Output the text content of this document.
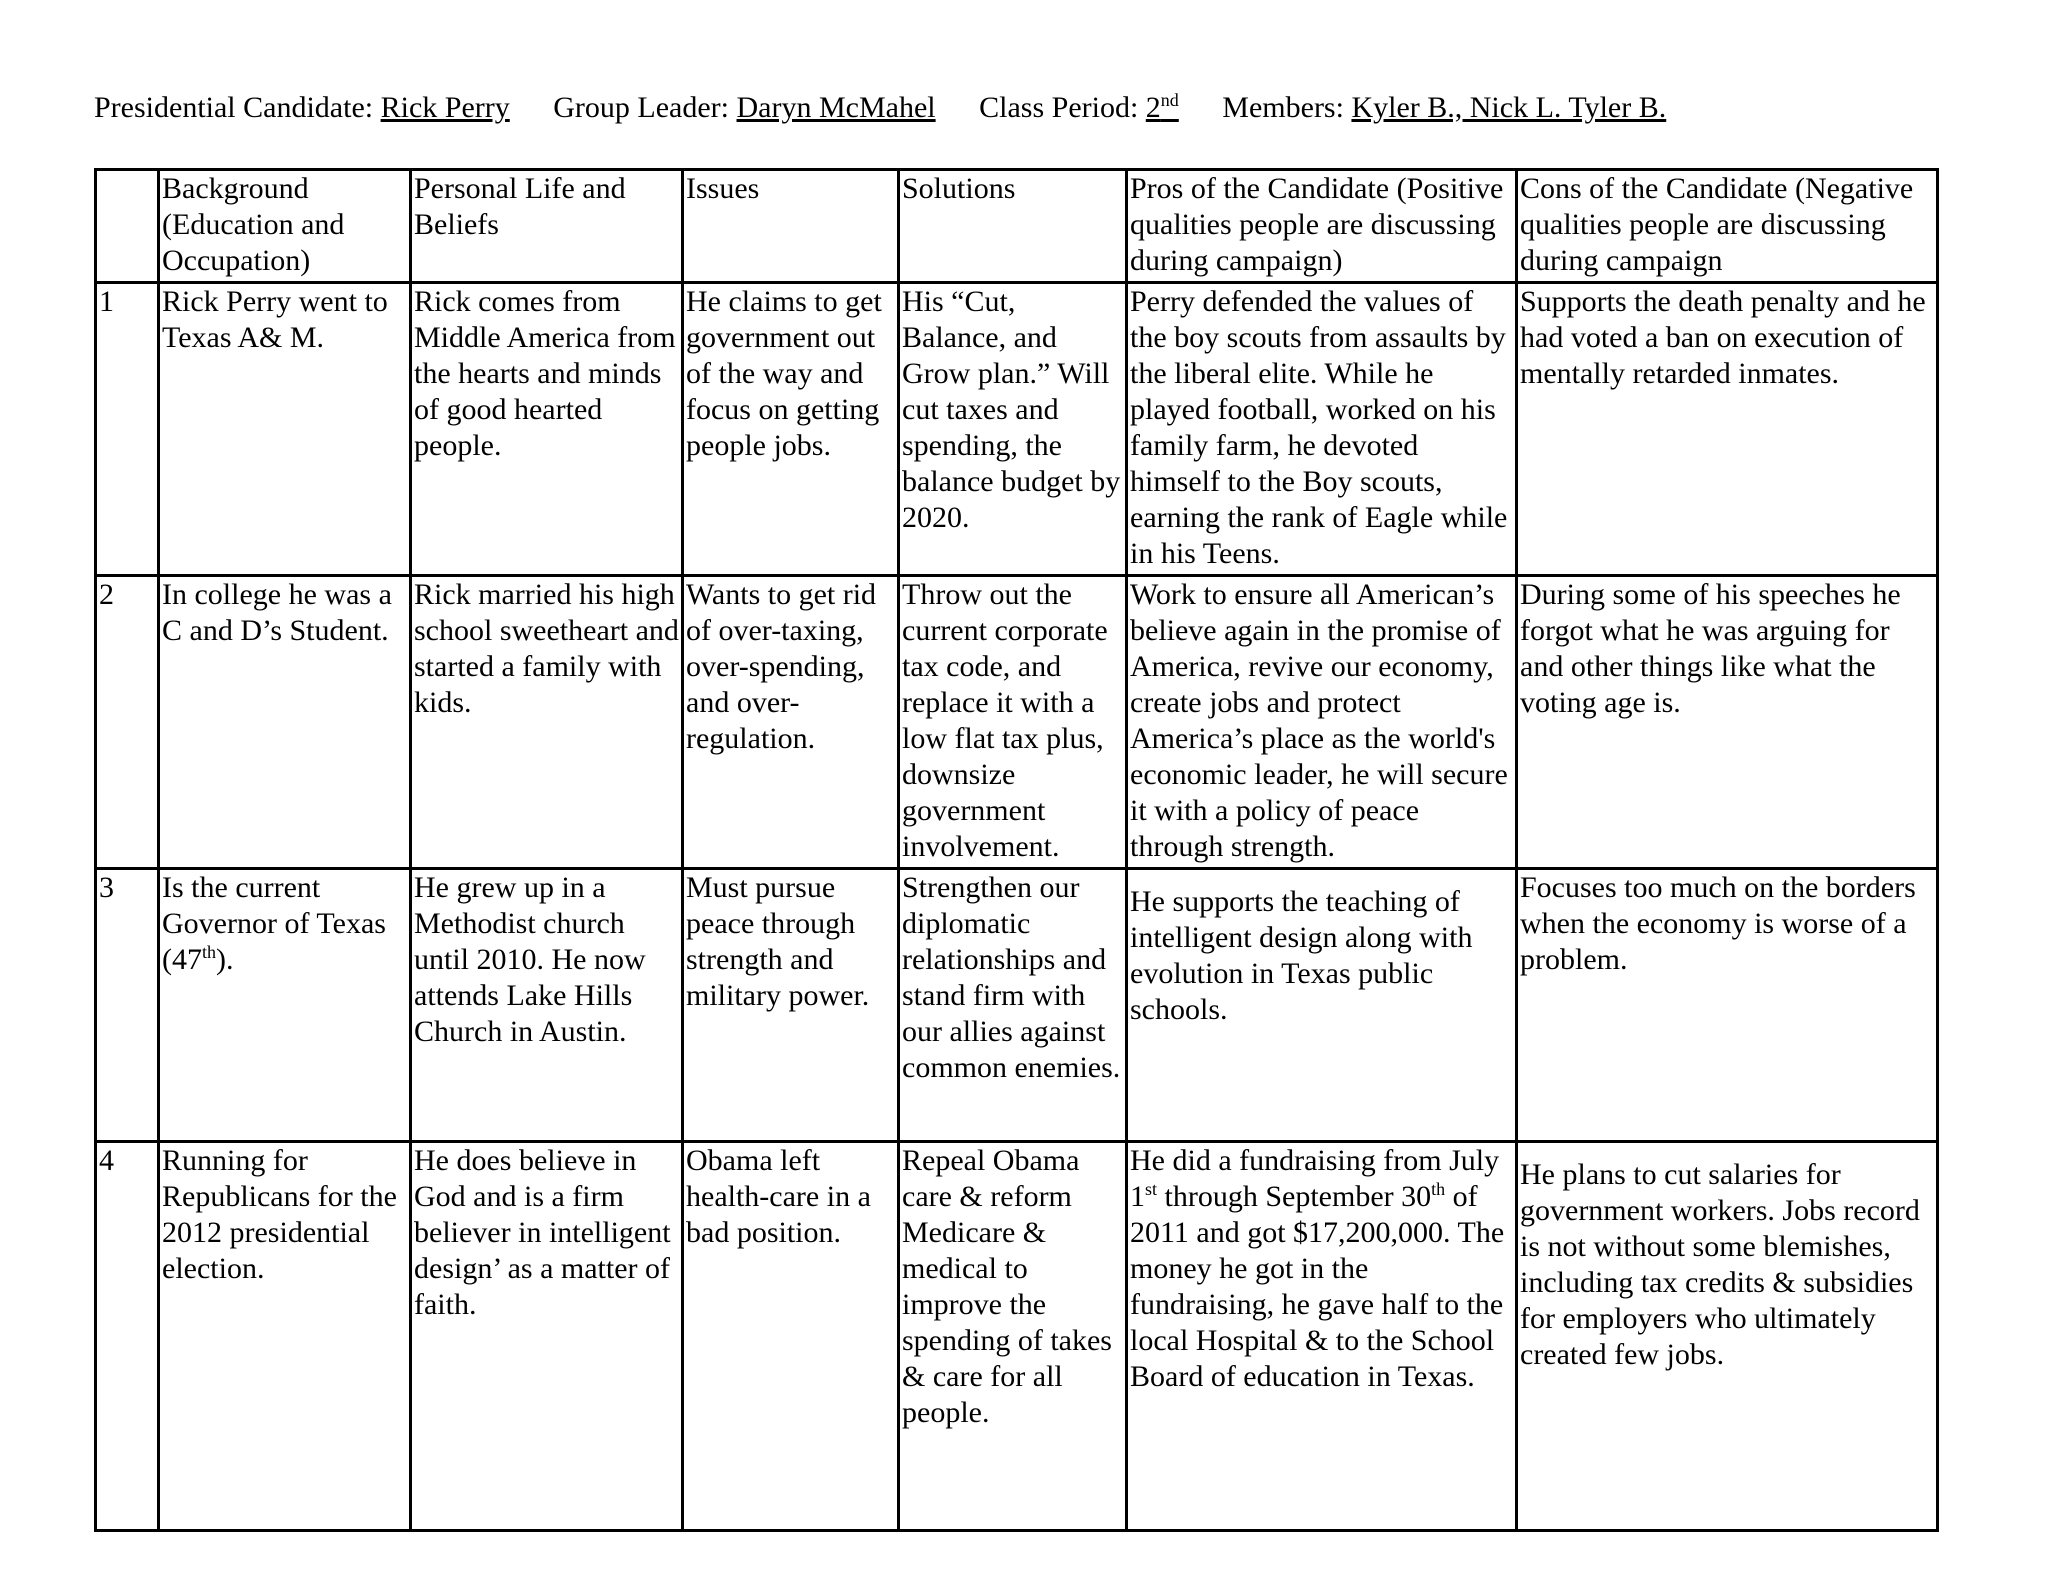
Presidential Candidate: Rick Perry Group Leader: Daryn McMahel Class Period: 2nd Members: Kyler B., Nick L. Tyler B.
	Background (Education and Occupation)	Personal Life and Beliefs	Issues	Solutions	Pros of the Candidate (Positive qualities people are discussing during campaign)	Cons of the Candidate (Negative qualities people are discussing during campaign
1	Rick Perry went to Texas A& M.	Rick comes from Middle America from the hearts and minds of good hearted people.	He claims to get government out of the way and focus on getting people jobs.	His “Cut, Balance, and Grow plan.” Will cut taxes and spending, the balance budget by 2020.	Perry defended the values of the boy scouts from assaults by the liberal elite. While he played football, worked on his family farm, he devoted himself to the Boy scouts, earning the rank of Eagle while in his Teens.	Supports the death penalty and he had voted a ban on execution of mentally retarded inmates.
2	In college he was a C and D’s Student.	Rick married his high school sweetheart and started a family with kids.	Wants to get rid of over-taxing, over-spending, and over-regulation.	Throw out the current corporate tax code, and replace it with a low flat tax plus, downsize government involvement.	Work to ensure all American’s believe again in the promise of America, revive our economy, create jobs and protect America’s place as the world's economic leader, he will secure it with a policy of peace through strength.	During some of his speeches he forgot what he was arguing for and other things like what the voting age is.
3	Is the current Governor of Texas (47th).	He grew up in a Methodist church until 2010. He now attends Lake Hills Church in Austin.	Must pursue peace through strength and military power.	Strengthen our diplomatic relationships and stand firm with our allies against common enemies.	He supports the teaching of intelligent design along with evolution in Texas public schools.	Focuses too much on the borders when the economy is worse of a problem.
4	Running for Republicans for the 2012 presidential election.	He does believe in God and is a firm believer in intelligent design’ as a matter of faith.	Obama left health-care in a bad position.	Repeal Obama care & reform Medicare & medical to improve the spending of takes & care for all people.	He did a fundraising from July 1st through September 30th of 2011 and got $17,200,000. The money he got in the fundraising, he gave half to the local Hospital & to the School Board of education in Texas.	He plans to cut salaries for government workers. Jobs record is not without some blemishes, including tax credits & subsidies for employers who ultimately created few jobs.
